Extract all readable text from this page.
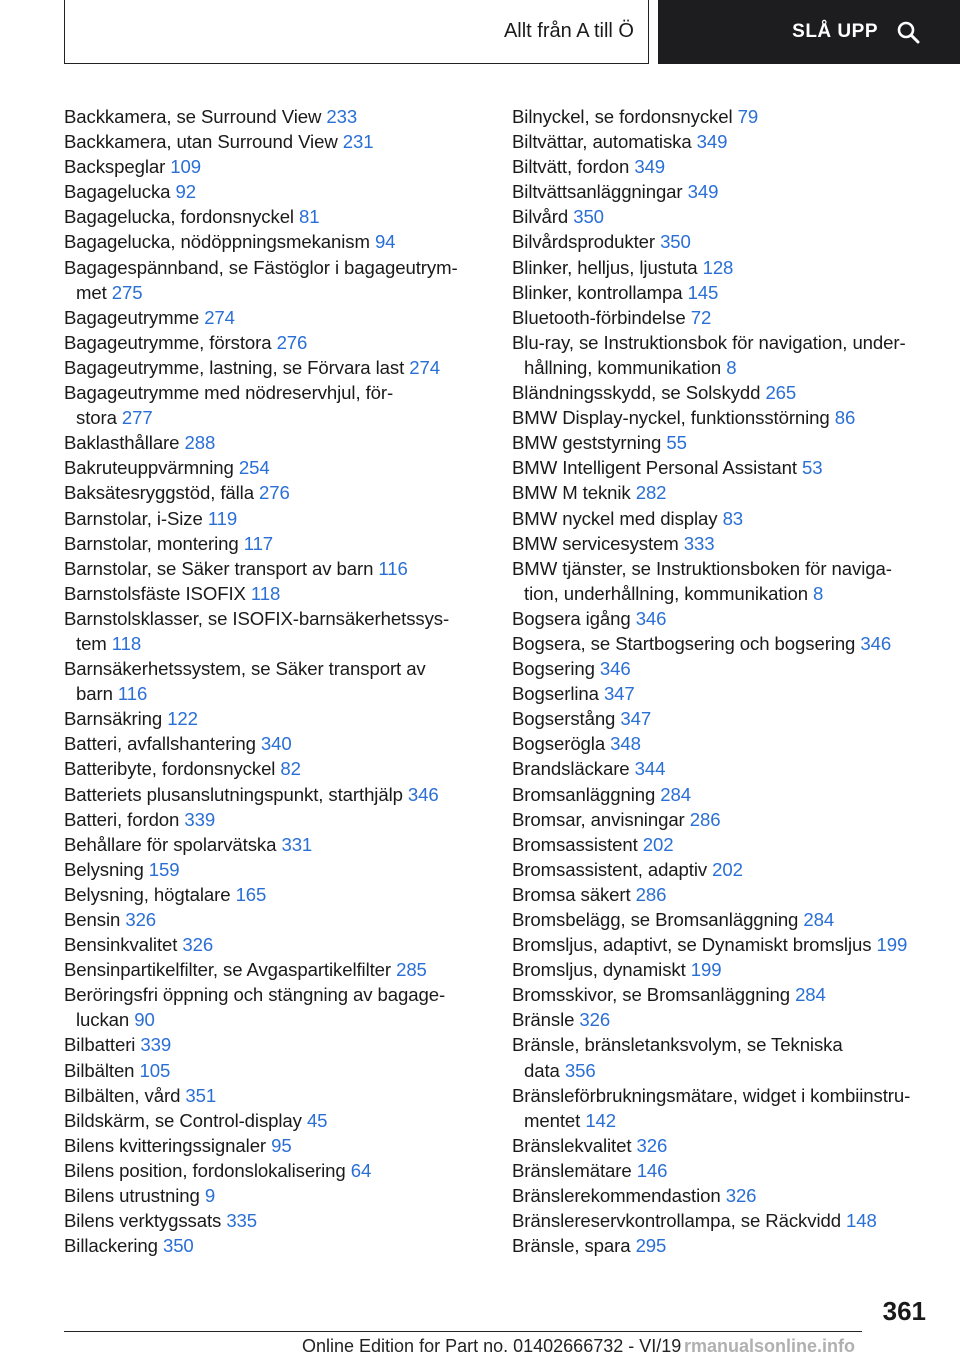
Allt från A till Ö	SLÅ UPP
Backkamera, se Surround View 233
Backkamera, utan Surround View 231
Backspeglar 109
Bagagelucka 92
Bagagelucka, fordonsnyckel 81
Bagagelucka, nödöppningsmekanism 94
Bagagespännband, se Fästöglor i bagageutrym-
met 275
Bagageutrymme 274
Bagageutrymme, förstora 276
Bagageutrymme, lastning, se Förvara last 274
Bagageutrymme med nödreservhjul, för-
stora 277
Baklasthållare 288
Bakruteuppvärmning 254
Baksätesryggstöd, fälla 276
Barnstolar, i-Size 119
Barnstolar, montering 117
Barnstolar, se Säker transport av barn 116
Barnstolsfäste ISOFIX 118
Barnstolsklasser, se ISOFIX-barnsäkerhetssys-
tem 118
Barnsäkerhetssystem, se Säker transport av
barn 116
Barnsäkring 122
Batteri, avfallshantering 340
Batteribyte, fordonsnyckel 82
Batteriets plusanslutningspunkt, starthjälp 346
Batteri, fordon 339
Behållare för spolarvätska 331
Belysning 159
Belysning, högtalare 165
Bensin 326
Bensinkvalitet 326
Bensinpartikelfilter, se Avgaspartikelfilter 285
Beröringsfri öppning och stängning av bagage-
luckan 90
Bilbatteri 339
Bilbälten 105
Bilbälten, vård 351
Bildskärm, se Control-display 45
Bilens kvitteringssignaler 95
Bilens position, fordonslokalisering 64
Bilens utrustning 9
Bilens verktygssats 335
Billackering 350
Bilnyckel, se fordonsnyckel 79
Biltvättar, automatiska 349
Biltvätt, fordon 349
Biltvättsanläggningar 349
Bilvård 350
Bilvårdsprodukter 350
Blinker, helljus, ljustuta 128
Blinker, kontrollampa 145
Bluetooth-förbindelse 72
Blu-ray, se Instruktionsbok för navigation, under-
hållning, kommunikation 8
Bländningsskydd, se Solskydd 265
BMW Display-nyckel, funktionsstörning 86
BMW geststyrning 55
BMW Intelligent Personal Assistant 53
BMW M teknik 282
BMW nyckel med display 83
BMW servicesystem 333
BMW tjänster, se Instruktionsboken för naviga-
tion, underhållning, kommunikation 8
Bogsera igång 346
Bogsera, se Startbogsering och bogsering 346
Bogsering 346
Bogserlina 347
Bogserstång 347
Bogserögla 348
Brandsläckare 344
Bromsanläggning 284
Bromsar, anvisningar 286
Bromsassistent 202
Bromsassistent, adaptiv 202
Bromsa säkert 286
Bromsbelägg, se Bromsanläggning 284
Bromsljus, adaptivt, se Dynamiskt bromsljus 199
Bromsljus, dynamiskt 199
Bromsskivor, se Bromsanläggning 284
Bränsle 326
Bränsle, bränsletanksvolym, se Tekniska
data 356
Bränsleförbrukningsmätare, widget i kombiinstru-
mentet 142
Bränslekvalitet 326
Bränslemätare 146
Bränslerekommendastion 326
Bränslereservkontrollampa, se Räckvidd 148
Bränsle, spara 295
361
Online Edition for Part no. 01402666732 - VI/19 rmanualsonline.info
